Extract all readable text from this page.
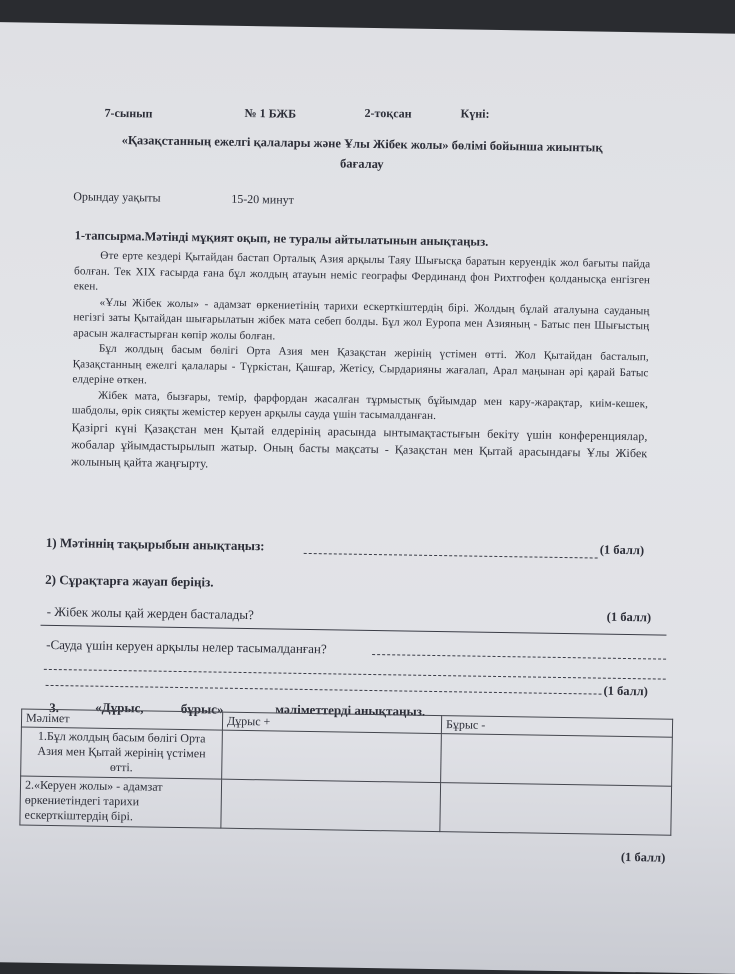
7-сынып	№ 1 БЖБ	2-тоқсан	Күні:
«Қазақстанның ежелгі қалалары және Ұлы Жібек жолы» бөлімі бойынша жиынтық
бағалау
Орындау уақыты	15-20 минут
1-тапсырма.Мәтінді мұқият оқып, не туралы айтылатынын анықтаңыз.

Өте ерте кездері Қытайдан бастап Орталық Азия арқылы Таяу Шығысқа баратын керуендік жол бағыты пайда болған. Тек XIX ғасырда ғана бұл жолдың атауын неміс географы Фердинанд фон Рихтгофен қолданысқа енгізген екен.

«Ұлы Жібек жолы» - адамзат өркениетінің тарихи ескерткіштердің бірі. Жолдың бұлай аталуына сауданың негізгі заты Қытайдан шығарылатын жібек мата себеп болды. Бұл жол Еуропа мен Азияның - Батыс пен Шығыстың арасын жалғастырған көпір жолы болған.

Бұл жолдың басым бөлігі Орта Азия мен Қазақстан жерінің үстімен өтті. Жол Қытайдан басталып, Қазақстанның ежелгі қалалары - Түркістан, Қашғар, Жетісу, Сырдарияны жағалап, Арал маңынан әрі қарай Батыс елдеріне өткен.

Жібек мата, бызғары, темір, фарфордан жасалған тұрмыстық бұйымдар мен кару-жарақтар, киім-кешек, шабдолы, өрік сияқты жемістер керуен арқылы сауда үшін тасымалданған.

Қазіргі күні Қазақстан мен Қытай елдерінің арасында ынтымақтастығын бекіту үшін конференциялар, жобалар ұйымдастырылып жатыр. Оның басты мақсаты - Қазақстан мен Қытай арасындағы Ұлы Жібек жолының қайта жаңғырту.

1) Мәтіннің тақырыбын анықтаңыз:	(1 балл)
2) Сұрақтарға жауап беріңіз.
- Жібек жолы қай жерден басталады?	(1 балл)
-Сауда үшін керуен арқылы нелер тасымалданған?
(1 балл)
3.	«Дұрыс, бұрыс»	мәліметтерді анықтаңыз.
Мәлімет	Дұрыс +	Бұрыс -
1.Бұл жолдың басым бөлігі Орта Азия мен Қытай жерінің үстімен өтті.		
2.«Керуен жолы» - адамзат өркениетіндегі тарихи ескерткіштердің бірі.		
(1 балл)
